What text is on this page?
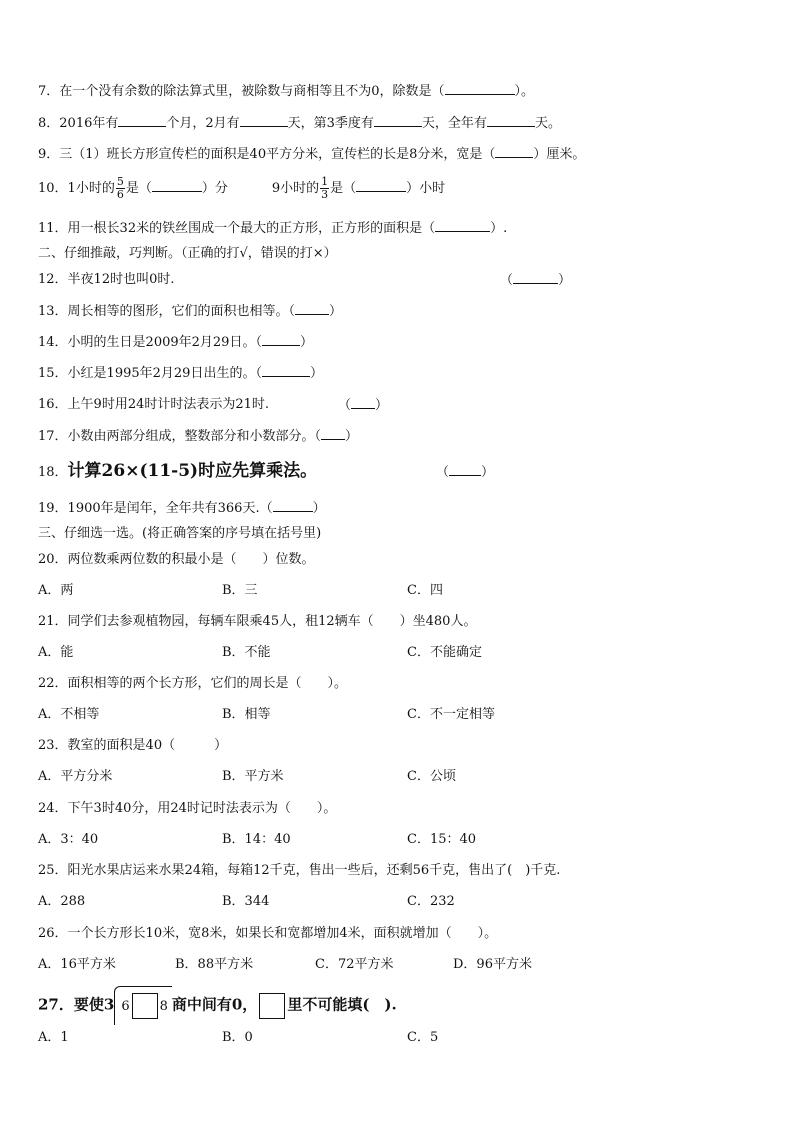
7．在一个没有余数的除法算式里，被除数与商相等且不为0，除数是（	）。
8．2016年有	个月，2月有	天，第3季度有	天，全年有	天。
9．三（1）班长方形宣传栏的面积是40平方分米，宣传栏的长是8分米，宽是（	）厘米。
10．1小时的 $\frac{5}{6}$ 是（	）分	9小时的 $\frac{1}{3}$ 是（	）小时
11．用一根长32米的铁丝围成一个最大的正方形，正方形的面积是（	）.
二、仔细推敲，巧判断。（正确的打√，错误的打×）
12．半夜12时也叫0时.	（	）
13．周长相等的图形，它们的面积也相等。（	）
14．小明的生日是2009年2月29日。（	）
15．小红是1995年2月29日出生的。（	）
16．上午9时用24时计时法表示为21时.	（ ）
17．小数由两部分组成，整数部分和小数部分。（ ）
18．计算26×(11-5)时应先算乘法。	（ ）
19．1900年是闰年，全年共有366天.（	）
三、仔细选一选。(将正确答案的序号填在括号里)
20．两位数乘两位数的积最小是（　　）位数。
A．两	B．三	C．四
21．同学们去参观植物园，每辆车限乘45人，租12辆车（　　）坐480人。
A．能	B．不能	C．不能确定
22．面积相等的两个长方形，它们的周长是（　　）。
A．不相等	B．相等	C．不一定相等
23．教室的面积是40（　　　）
A．平方分米	B．平方米	C．公顷
24．下午3时40分，用24时记时法表示为（　　）。
A．3：40	B．14：40	C．15：40
25．阳光水果店运来水果24箱，每箱12千克，售出一些后，还剩56千克，售出了(　)千克.
A．288	B．344	C．232
26．一个长方形长10米，宽8米，如果长和宽都增加4米，面积就增加（　　）。
A．16平方米	B．88平方米	C．72平方米	D．96平方米
27．要使3 6 8 商中间有0， 里不可能填(　).
A．1	B．0	C．5
